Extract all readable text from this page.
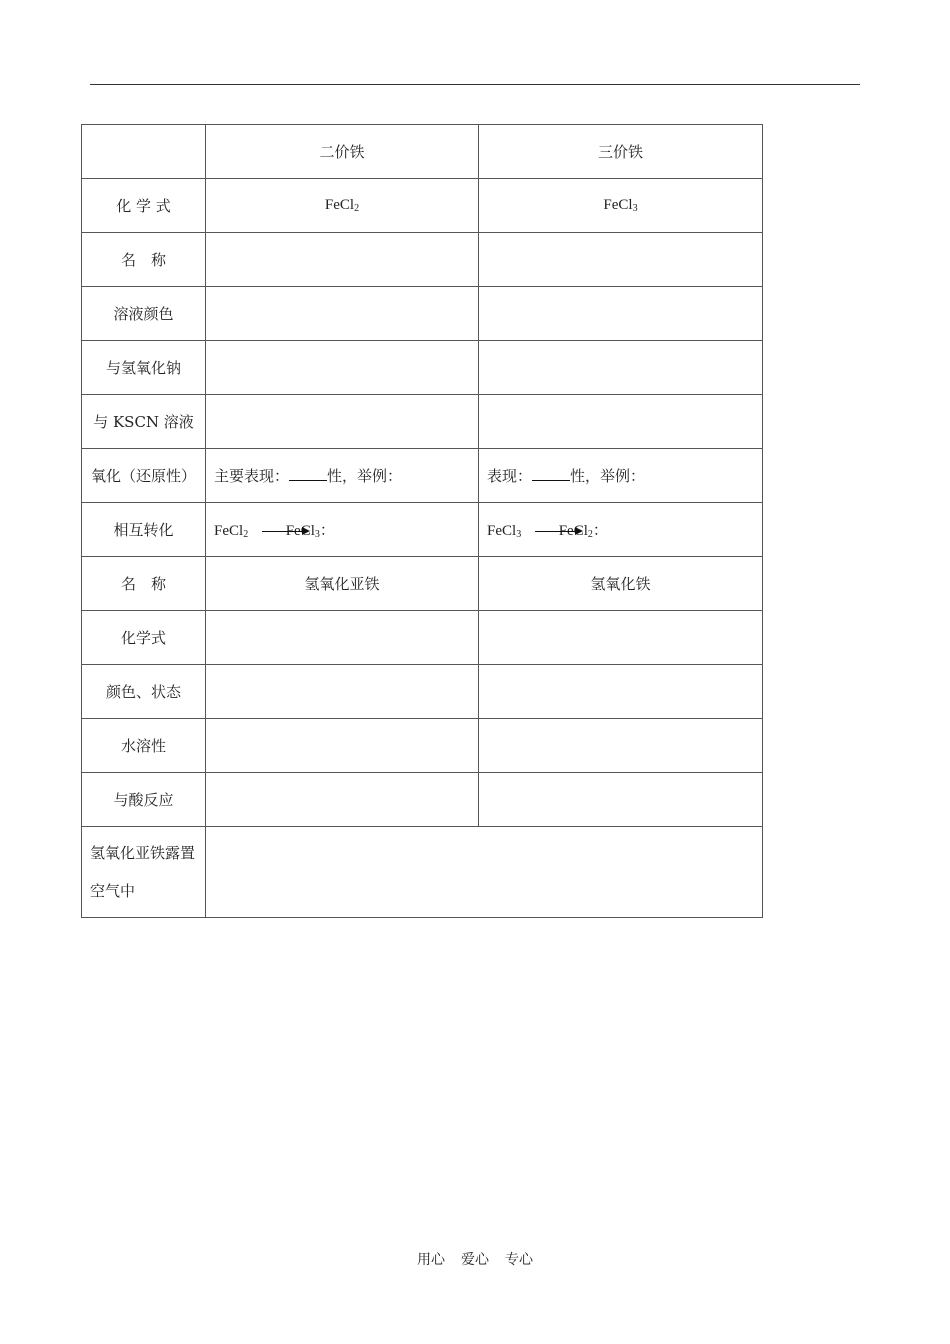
	二价铁	三价铁
化 学 式	FeCl$_2$	FeCl$_3$
名　称		
溶液颜色		
与氢氧化钠		
与 KSCN 溶液		
氧化（还原性）	主要表现： 性，举例：	表现： 性，举例：
相互转化	FeCl$_2$ FeCl$_3$：	FeCl$_3$ FeCl$_2$：
名　称	氢氧化亚铁	氢氧化铁
化学式		
颜色、状态		
水溶性		
与酸反应		
氢氧化亚铁露置
空气中		
用心 爱心 专心
